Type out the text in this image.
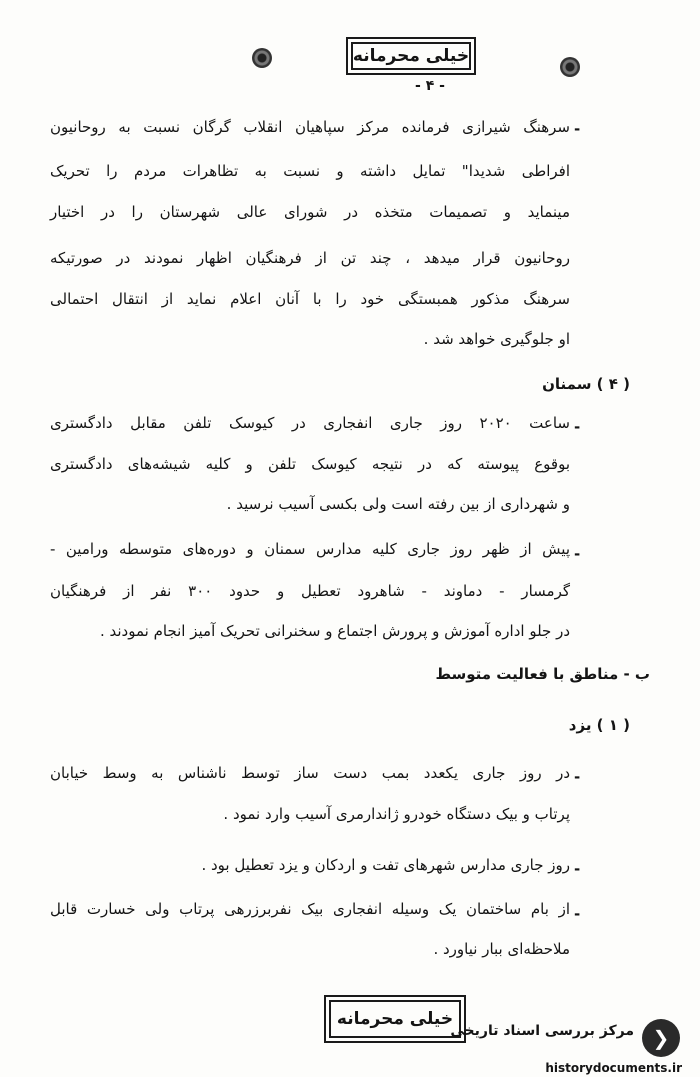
خیلی محرمانه
- ۴ -
-
سرهنگ شیرازی فرمانده مرکز سپاهیان انقلاب گرگان نسبت به روحانیون
افراطی شدیدا" تمایل داشته و نسبت به تظاهرات مردم را تحریک
مینماید و تصمیمات متخذه در شورای عالی شهرستان را در اختیار
روحانیون قرار میدهد ، چند تن از فرهنگیان اظهار نمودند در صورتیکه
سرهنگ مذکور همبستگی خود را با آنان اعلام نماید از انتقال احتمالی
او جلوگیری خواهد شد .
( ۴ ) سمنان
-
ساعت ۲۰۲۰ روز جاری انفجاری در کیوسک تلفن مقابل دادگستری
بوقوع پیوسته که در نتیجه کیوسک تلفن و کلیه شیشه‌های دادگستری
و شهرداری از بین رفته است ولی بکسی آسیب نرسید .
-
پیش از ظهر روز جاری کلیه مدارس سمنان و دوره‌های متوسطه ورامین -
گرمسار - دماوند - شاهرود تعطیل و حدود ۳۰۰ نفر از فرهنگیان
در جلو اداره آموزش و پرورش اجتماع و سخنرانی تحریک آمیز انجام نمودند .
ب - مناطق با فعالیت متوسط
( ۱ ) یزد
-
در روز جاری یکعدد بمب دست ساز توسط ناشناس به وسط خیابان
پرتاب و بیک دستگاه خودرو ژاندارمری آسیب وارد نمود .
-
روز جاری مدارس شهرهای تفت و اردکان و یزد تعطیل بود .
-
از بام ساختمان یک وسیله انفجاری بیک نفربرزرهی پرتاب ولی خسارت قابل
ملاحظه‌ای ببار نیاورد .
خیلی محرمانه
❯
مرکز بررسی اسناد تاریخی
historydocuments.ir
